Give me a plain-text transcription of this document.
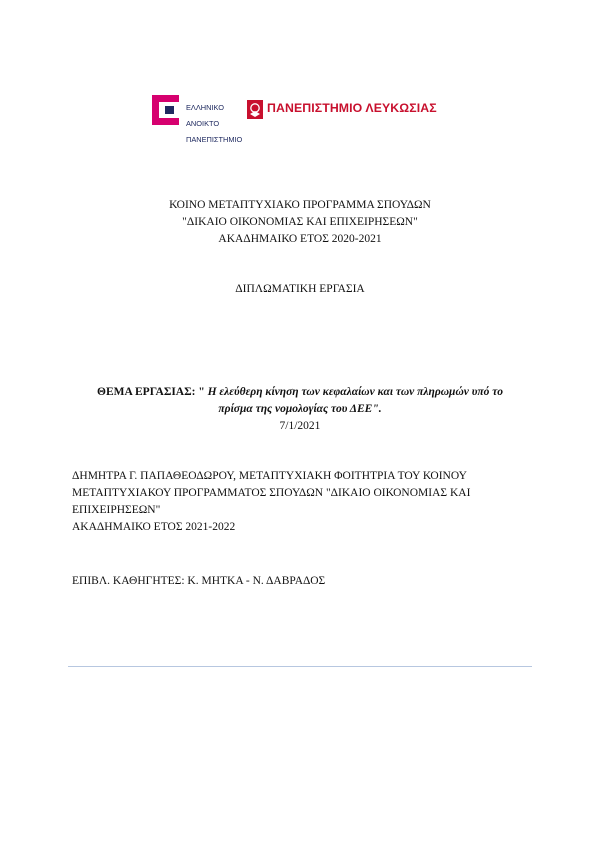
ΕΛΛΗΝΙΚΟ

ΑΝΟΙΚΤΟ

ΠΑΝΕΠΙΣΤΗΜΙΟ

ΠΑΝΕΠΙΣΤΗΜΙΟ ΛΕΥΚΩΣΙΑΣ
ΚΟΙΝΟ ΜΕΤΑΠΤΥΧΙΑΚΟ ΠΡΟΓΡΑΜΜΑ ΣΠΟΥΔΩΝ
"ΔΙΚΑΙΟ ΟΙΚΟΝΟΜΙΑΣ ΚΑΙ ΕΠΙΧΕΙΡΗΣΕΩΝ"
ΑΚΑΔΗΜΑΙΚΟ ΕΤΟΣ 2020-2021
ΔΙΠΛΩΜΑΤΙΚΗ ΕΡΓΑΣΙΑ
ΘΕΜΑ ΕΡΓΑΣΙΑΣ: " Η ελεύθερη κίνηση των κεφαλαίων και των πληρωμών υπό το
πρίσμα της νομολογίας του ΔΕΕ".
7/1/2021
ΔΗΜΗΤΡΑ Γ. ΠΑΠΑΘΕΟΔΩΡΟΥ, ΜΕΤΑΠΤΥΧΙΑΚΗ ΦΟΙΤΗΤΡΙΑ ΤΟΥ ΚΟΙΝΟΥ
ΜΕΤΑΠΤΥΧΙΑΚΟΥ ΠΡΟΓΡΑΜΜΑΤΟΣ ΣΠΟΥΔΩΝ "ΔΙΚΑΙΟ ΟΙΚΟΝΟΜΙΑΣ ΚΑΙ
ΕΠΙΧΕΙΡΗΣΕΩΝ"
ΑΚΑΔΗΜΑΙΚΟ ΕΤΟΣ 2021-2022
ΕΠΙΒΛ. ΚΑΘΗΓΗΤΕΣ: Κ. ΜΗΤΚΑ - Ν. ΔΑΒΡΑΔΟΣ
